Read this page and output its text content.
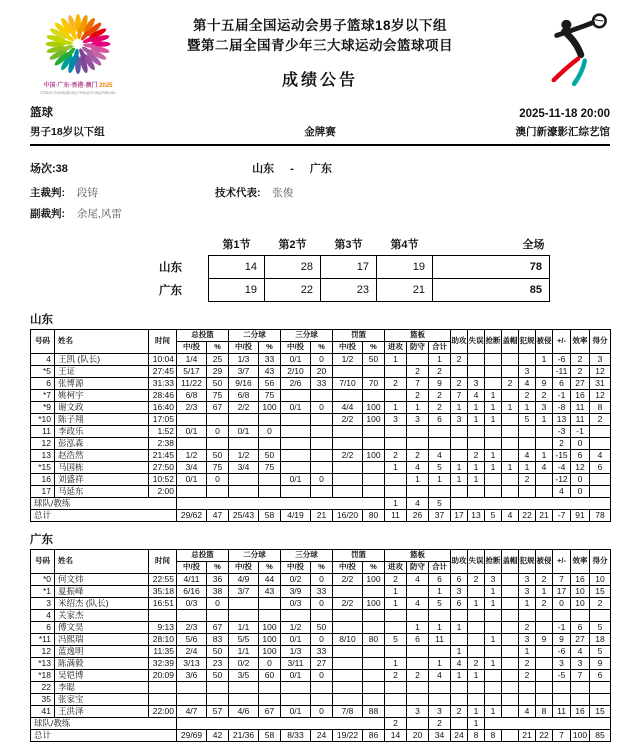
中国·广东·香港·澳门 2025
China Guangdong·Hong Kong·Macau
第十五届全国运动会男子篮球18岁以下组
暨第二届全国青少年三大球运动会篮球项目
成绩公告
篮球	2025-11-18 20:00
男子18岁以下组	金牌赛	澳门新濠影汇综艺馆
场次:38	山东 - 广东
主裁判: 段铸	技术代表: 张俊
副裁判: 余尾,风雷
	第1节	第2节	第3节	第4节	全场
山东	14	28	17	19	78
广东	19	22	23	21	85
山东
号码	姓名	时间	总投篮		二分球		三分球		罚篮		篮板			助攻	失误	抢断	盖帽	犯规	被侵	+/-	效率	得分
			中/投	%	中/投	%	中/投	%	中/投	%	进攻	防守	合计									
4	王凯 (队长)	10:04	1/4	25	1/3	33	0/1	0	1/2	50	1		1	2					1	-6	2	3
*5	王证	27:45	5/17	29	3/7	43	2/10	20				2	2					3		-11	2	12
6	张博源	31:33	11/22	50	9/16	56	2/6	33	7/10	70	2	7	9	2	3		2	4	9	6	27	31
*7	姚柯宇	28:46	6/8	75	6/8	75						2	2	7	4	1		2	2	-1	16	12
*9	谢文政	16:40	2/3	67	2/2	100	0/1	0	4/4	100	1	1	2	1	1	1	1	1	3	-8	11	8
*10	陈子翔	17:05							2/2	100	3	3	6	3	1	1		5	1	13	11	2
11	李政乐	1:52	0/1	0	0/1	0														-3	-1	
12	彭泓森	2:38																		2	0	
13	赵浩然	21:45	1/2	50	1/2	50			2/2	100	2	2	4		2	1		4	1	-15	6	4
*15	马国栋	27:50	3/4	75	3/4	75					1	4	5	1	1	1	1	1	4	-4	12	6
16	刘盛祥	10:52	0/1	0			0/1	0				1	1	1	1			2		-12	0	
17	马延东	2:00																		4	0	
球队/教练											1	4	5									
总计			29/62	47	25/43	58	4/19	21	16/20	80	11	26	37	17	13	5	4	22	21	-7	91	78
广东
号码	姓名	时间	总投篮		二分球		三分球		罚篮		篮板			助攻	失误	抢断	盖帽	犯规	被侵	+/-	效率	得分
			中/投	%	中/投	%	中/投	%	中/投	%	进攻	防守	合计									
*0	何文炜	22:55	4/11	36	4/9	44	0/2	0	2/2	100	2	4	6	6	2	3		3	2	7	16	10
*1	夏振峰	35:18	6/16	38	3/7	43	3/9	33			1		1	3		1		3	1	17	10	15
3	米绍杰 (队长)	16:51	0/3	0			0/3	0	2/2	100	1	4	5	6	1	1		1	2	0	10	2
4	关家杰																					
6	傅文昊	9:13	2/3	67	1/1	100	1/2	50				1	1	1				2		-1	6	5
*11	冯熙瑞	28:10	5/6	83	5/5	100	0/1	0	8/10	80	5	6	11			1		3	9	9	27	18
12	蓝逸明	11:35	2/4	50	1/1	100	1/3	33						1				1		-6	4	5
*13	陈满毅	32:39	3/13	23	0/2	0	3/11	27			1		1	4	2	1		2		3	3	9
*18	吴铠博	20:09	3/6	50	3/5	60	0/1	0			2	2	4	1	1			2		-5	7	6
22	李聪																					
35	张家宝																					
41	王洪泽	22:00	4/7	57	4/6	67	0/1	0	7/8	88		3	3	2	1	1		4	8	11	16	15
球队/教练											2		2		1							
总计			29/69	42	21/36	58	8/33	24	19/22	86	14	20	34	24	8	8		21	22	7	100	85
